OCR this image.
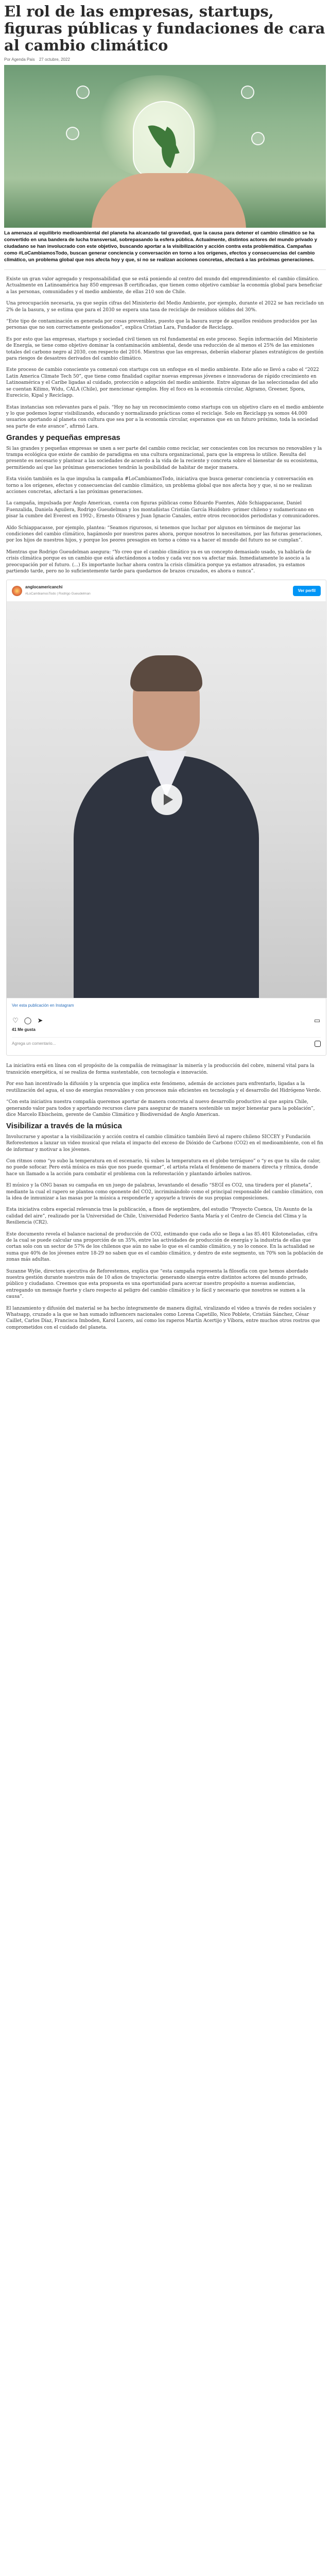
El rol de las empresas, startups, figuras públicas y fundaciones de cara al cambio climático
Por Agenda Pais 27 octubre, 2022

La amenaza al equilibrio medioambiental del planeta ha alcanzado tal gravedad, que la causa para detener el cambio climático se ha convertido en una bandera de lucha transversal, sobrepasando la esfera pública. Actualmente, distintos actores del mundo privado y ciudadano se han involucrado con este objetivo, buscando aportar a la visibilización y acción contra esta problemática. Campañas como #LoCambiamosTodo, buscan generar conciencia y conversación en torno a los orígenes, efectos y consecuencias del cambio climático, un problema global que nos afecta hoy y que, si no se realizan acciones concretas, afectará a las próximas generaciones.

Existe un gran valor agregado y responsabilidad que se está poniendo al centro del mundo del emprendimiento: el cambio climático. Actualmente en Latinoamérica hay 850 empresas B certificadas, que tienen como objetivo cambiar la economía global para beneficiar a las personas, comunidades y el medio ambiente, de ellas 210 son de Chile.

Una preocupación necesaria, ya que según cifras del Ministerio del Medio Ambiente, por ejemplo, durante el 2022 se han reciclado un 2% de la basura, y se estima que para el 2030 se espera una tasa de reciclaje de residuos sólidos del 30%.

“Este tipo de contaminación es generada por cosas prevenibles, puesto que la basura surge de aquellos residuos producidos por las personas que no son correctamente gestionados”, explica Cristian Lara, Fundador de Reciclapp.

Es por esto que las empresas, startups y sociedad civil tienen un rol fundamental en este proceso. Según información del Ministerio de Energía, se tiene como objetivo dominar la contaminación ambiental, desde una reducción de al menos el 25% de las emisiones totales del carbono negro al 2030, con respecto del 2016. Mientras que las empresas, deberán elaborar planes estratégicos de gestión para riesgos de desastres derivados del cambio climático.

Este proceso de cambio consciente ya comenzó con startups con un enfoque en el medio ambiente. Este año se llevó a cabo el “2022 Latin America Climate Tech 50”, que tiene como finalidad capitar nuevas empresas jóvenes e innovadoras de rápido crecimiento en Latinoamérica y el Caribe ligadas al cuidado, protección o adopción del medio ambiente. Entre algunas de las seleccionadas del año se cuentan Kilimo, Widu, CALA (Chile), por mencionar ejemplos. Hoy el foco en la economía circular, Algramo, Greener, Spora, Eurecicio, Kipal y Reciclapp.

Estas instancias son relevantes para el país. “Hoy no hay un reconocimiento como startups con un objetivo claro en el medio ambiente y lo que podemos lograr visibilizando, educando y normalizando prácticas como el reciclaje. Solo en Reciclapp ya somos 44.000 usuarios aportando al planeta con cultura que sea por a la economía circular, esperamos que en un futuro próximo, toda la sociedad sea parte de este avance”, afirmó Lara.

Grandes y pequeñas empresas

Si las grandes y pequeñas empresas se unen a ser parte del cambio como reciclar, ser conscientes con los recursos no renovables y la trampa ecológica que existe de cambio de paradigma en una cultura organizacional, para que la empresa lo utilice. Resulta del presente es necesario y plantear a las sociedades de acuerdo a la vida de la reciente y concreta sobre el bienestar de su ecosistema, permitiendo así que las próximas generaciones tendrán la posibilidad de habitar de mejor manera.

Esta visión también es la que impulsa la campaña #LoCambiamosTodo, iniciativa que busca generar conciencia y conversación en torno a los orígenes, efectos y consecuencias del cambio climático, un problema global que nos afecta hoy y que, si no se realizan acciones concretas, afectará a las próximas generaciones.

La campaña, impulsada por Anglo American, cuenta con figuras públicas como Eduardo Fuentes, Aldo Schiappacasse, Daniel Fuenzalida, Daniela Aguilera, Rodrigo Gueudelman y los montañistas Cristián García Huidobro -primer chileno y sudamericano en pisar la cumbre del Everest en 1992-, Ernesto Olivares y Juan Ignacio Canales, entre otros reconocidos periodistas y comunicadores.

Aldo Schiappacasse, por ejemplo, plantea: “Seamos rigurosos, si tenemos que luchar por algunos en términos de mejorar las condiciones del cambio climático, hagámoslo por nuestros pares ahora, porque nosotros lo necesitamos, por las futuras generaciones, por los hijos de nuestros hijos, y porque los peores presagios en torno a cómo va a hacer el mundo del futuro no se cumplan”.

Mientras que Rodrigo Gueudelman asegura: “Yo creo que el cambio climático ya es un concepto demasiado usado, ya hablaría de crisis climática porque es un cambio que está afectándonos a todos y cada vez nos va afectar más. Inmediatamente lo asocio a la preocupación por el futuro. (...) Es importante luchar ahora contra la crisis climática porque ya estamos atrasados, ya estamos partiendo tarde, pero no lo suficientemente tarde para quedarnos de brazos cruzados, es ahora o nunca”.

anglocamericanchi
#LoCambiamosTodo | Rodrigo Gueudelman
Ver perfil
Ver esta publicación en Instagram
♡ ◯ ➤	▭
41 Me gusta
Agrega un comentario...

La iniciativa está en línea con el propósito de la compañía de reimaginar la minería y la producción del cobre, mineral vital para la transición energética, sí se realiza de forma sustentable, con tecnología e innovación.

Por eso han incentivado la difusión y la urgencia que implica este fenómeno, además de acciones para enfrentarlo, ligadas a la reutilización del agua, el uso de energías renovables y con procesos más eficientes en tecnología y el desarrollo del Hidrógeno Verde.

“Con esta iniciativa nuestra compañía queremos aportar de manera concreta al nuevo desarrollo productivo al que aspira Chile, generando valor para todos y aportando recursos clave para asegurar de manera sostenible un mejor bienestar para la población”, dice Marcelo Ebischeim, gerente de Cambio Climático y Biodiversidad de Anglo American.

Visibilizar a través de la música

Involucrarse y apostar a la visibilización y acción contra el cambio climático también llevó al rapero chileno SICCEY y Fundación Reforestemos a lanzar un video musical que relata el impacto del exceso de Dióxido de Carbono (CO2) en el medioambiente, con el fin de informar y motivar a los jóvenes.

Con ritmos como “yo subo la temperatura en el escenario, tú subes la temperatura en el globo terráqueo” o “y es que tu sila de calor, no puede sofocar. Pero está música es más que nos puede quemar”, el artista relata el fenómeno de manera directa y rítmica, donde hace un llamado a la acción para combatir el problema con la reforestación y plantando árboles nativos.

El músico y la ONG basan su campaña en un juego de palabras, levantando el desafío “SEGÍ es CO2, una tiradera por el planeta”, mediante la cual el rapero se plantea como oponente del CO2, incriminándolo como el principal responsable del cambio climático, con la idea de inmunizar a las masas por la música a responderle y apoyarle a través de sus propias composiciones.

Esta iniciativa cobra especial relevancia tras la publicación, a fines de septiembre, del estudio “Proyecto Cuenca, Un Asunto de la calidad del aire”, realizado por la Universidad de Chile, Universidad Federico Santa María y el Centro de Ciencia del Clima y la Resiliencia (CR2).

Este documento revela el balance nacional de producción de CO2, estimando que cada año se llega a las 85.401 Kilotoneladas, cifra de la cual se puede calcular una proporción de un 35%, entre las actividades de producción de energía y la industria de ellas que cortan solo con un sector de 57% de los chilenos que aún no sabe lo que es el cambio climático, y no lo conoce. En la actualidad se suma que 40% de los jóvenes entre 18-29 no saben que es el cambio climático, y dentro de este segmento, un 70% son la población de zonas más adultas.

Suzanne Wylie, directora ejecutiva de Reforestemos, explica que “esta campaña representa la filosofía con que hemos abordado nuestra gestión durante nuestros más de 10 años de trayectoria: generando sinergia entre distintos actores del mundo privado, público y ciudadano. Creemos que esta propuesta es una oportunidad para acercar nuestro propósito a nuevas audiencias, entregando un mensaje fuerte y claro respecto al peligro del cambio climático y lo fácil y necesario que nosotros se sumen a la causa”.

El lanzamiento y difusión del material se ha hecho íntegramente de manera digital, viralizando el video a través de redes sociales y Whatsapp, cruzado a la que se han sumado influencers nacionales como Lorena Capetillo, Nico Poblete, Cristián Sánchez, César Caillet, Carlos Díaz, Francisca Imboden, Karol Lucero, así como los raperos Martín Acertijo y Víbora, entre muchos otros rostros que comprometidos con el cuidado del planeta.
